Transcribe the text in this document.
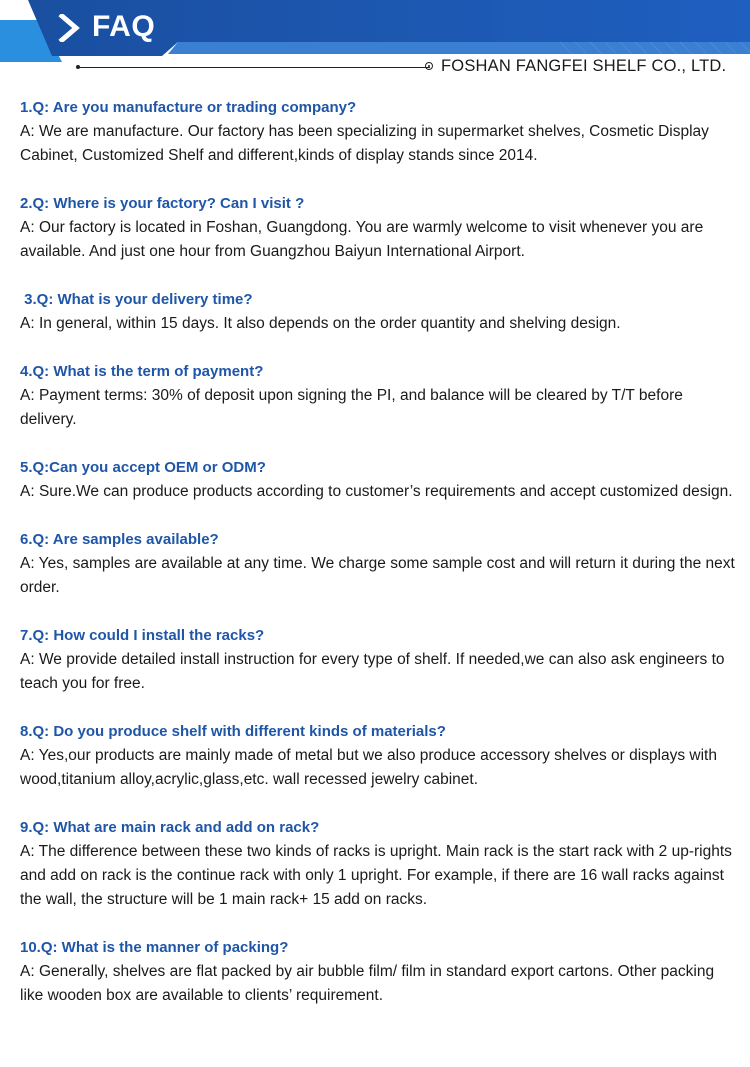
FAQ
FOSHAN FANGFEI SHELF CO., LTD.
1.Q: Are you manufacture or trading company?
A: We are manufacture. Our factory has been specializing in supermarket shelves, Cosmetic Display Cabinet, Customized Shelf and different,kinds of display stands since 2014.
2.Q: Where is your factory? Can I visit ?
A: Our factory is located in Foshan, Guangdong. You are warmly welcome to visit whenever you are available. And just one hour from Guangzhou Baiyun International Airport.
3.Q: What is your delivery time?
A: In general, within 15 days. It also depends on the order quantity and shelving design.
4.Q: What is the term of payment?
A: Payment terms: 30% of deposit upon signing the PI, and balance will be cleared by T/T before delivery.
5.Q:Can you accept OEM or ODM?
A: Sure.We can produce products according to customer’s requirements and accept customized design.
6.Q: Are samples available?
A: Yes, samples are available at any time. We charge some sample cost and will return it during the next order.
7.Q: How could I install the racks?
A: We provide detailed install instruction for every type of shelf. If needed,we can also ask engineers to teach you for free.
8.Q: Do you produce shelf with different kinds of materials?
A: Yes,our products are mainly made of metal but we also produce accessory shelves or displays with wood,titanium alloy,acrylic,glass,etc. wall recessed jewelry cabinet.
9.Q: What are main rack and add on rack?
A: The difference between these two kinds of racks is upright. Main rack is the start rack with 2 up-rights and add on rack is the continue rack with only 1 upright. For example, if there are 16 wall racks against the wall, the structure will be 1 main rack+ 15 add on racks.
10.Q: What is the manner of packing?
A: Generally, shelves are flat packed by air bubble film/ film in standard export cartons. Other packing like wooden box are available to clients’ requirement.
